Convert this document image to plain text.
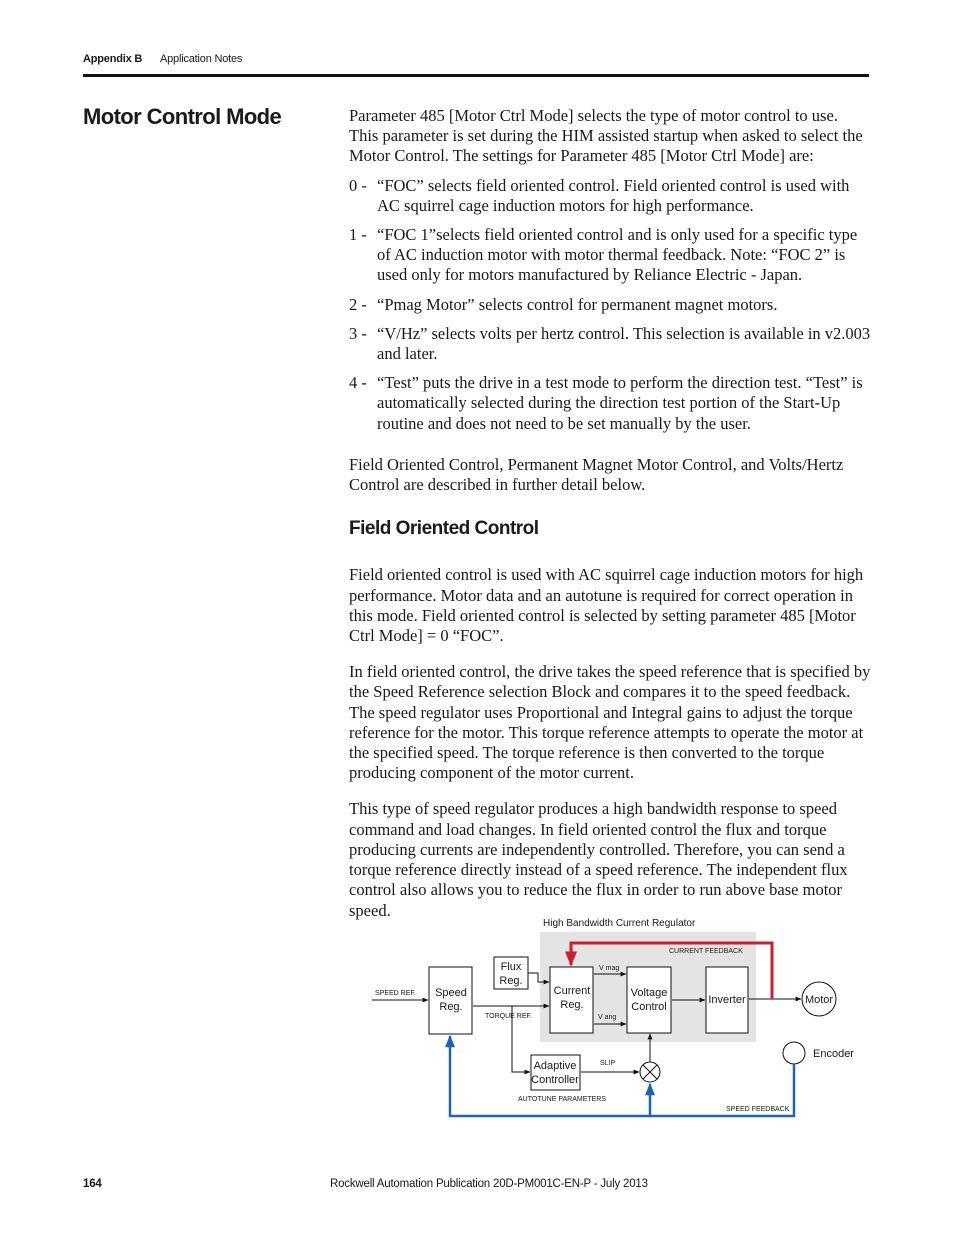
Appendix B Application Notes
Motor Control Mode	Parameter 485 [Motor Ctrl Mode] selects the type of motor control to use. This parameter is set during the HIM assisted startup when asked to select the Motor Control. The settings for Parameter 485 [Motor Ctrl Mode] are:

0 - “FOC” selects field oriented control. Field oriented control is used with AC squirrel cage induction motors for high performance.
1 - “FOC 1”selects field oriented control and is only used for a specific type of AC induction motor with motor thermal feedback. Note: “FOC 2” is used only for motors manufactured by Reliance Electric - Japan.
2 - “Pmag Motor” selects control for permanent magnet motors.
3 - “V/Hz” selects volts per hertz control. This selection is available in v2.003 and later.
4 - “Test” puts the drive in a test mode to perform the direction test. “Test” is automatically selected during the direction test portion of the Start-Up routine and does not need to be set manually by the user.

Field Oriented Control, Permanent Magnet Motor Control, and Volts/Hertz Control are described in further detail below.

Field Oriented Control

Field oriented control is used with AC squirrel cage induction motors for high performance. Motor data and an autotune is required for correct operation in this mode. Field oriented control is selected by setting parameter 485 [Motor Ctrl Mode] = 0 “FOC”.

In field oriented control, the drive takes the speed reference that is specified by the Speed Reference selection Block and compares it to the speed feedback. The speed regulator uses Proportional and Integral gains to adjust the torque reference for the motor. This torque reference attempts to operate the motor at the specified speed. The torque reference is then converted to the torque producing component of the motor current.

This type of speed regulator produces a high bandwidth response to speed command and load changes. In field oriented control the flux and torque producing currents are independently controlled. Therefore, you can send a torque reference directly instead of a speed reference. The independent flux control also allows you to reduce the flux in order to run above base motor speed.

High Bandwidth Current Regulator
Speed
Reg.
Flux
Reg.
Current
Reg.
Voltage
Control
Inverter
Adaptive
Controller
Motor
Encoder
SPEED REF.
TORQUE REF.
V mag
V ang
CURRENT FEEDBACK
SLIP
AUTOTUNE PARAMETERS
SPEED FEEDBACK
164	Rockwell Automation Publication 20D-PM001C-EN-P - July 2013
